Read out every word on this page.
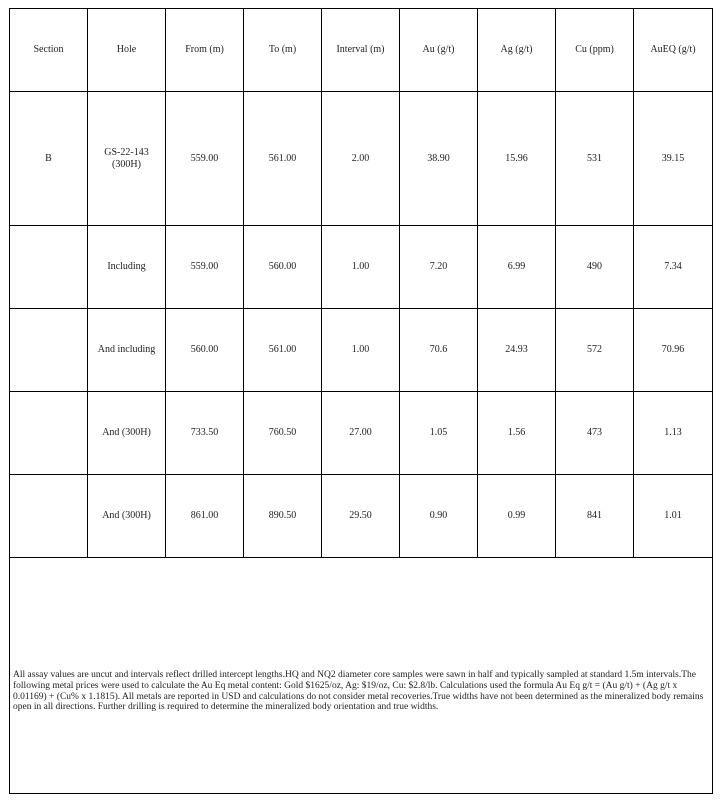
Section	Hole	From (m)	To (m)	Interval (m)	Au (g/t)	Ag (g/t)	Cu (ppm)	AuEQ (g/t)
B	GS-22-143 (300H)	559.00	561.00	2.00	38.90	15.96	531	39.15
	Including	559.00	560.00	1.00	7.20	6.99	490	7.34
	And including	560.00	561.00	1.00	70.6	24.93	572	70.96
	And (300H)	733.50	760.50	27.00	1.05	1.56	473	1.13
	And (300H)	861.00	890.50	29.50	0.90	0.99	841	1.01

All assay values are uncut and intervals reflect drilled intercept lengths.HQ and NQ2 diameter core samples were sawn in half and typically sampled at standard 1.5m intervals.The following metal prices were used to calculate the Au Eq metal content: Gold $1625/oz, Ag: $19/oz, Cu: $2.8/lb. Calculations used the formula Au Eq g/t = (Au g/t) + (Ag g/t x 0.01169) + (Cu% x 1.1815). All metals are reported in USD and calculations do not consider metal recoveries.True widths have not been determined as the mineralized body remains open in all directions. Further drilling is required to determine the mineralized body orientation and true widths.								
